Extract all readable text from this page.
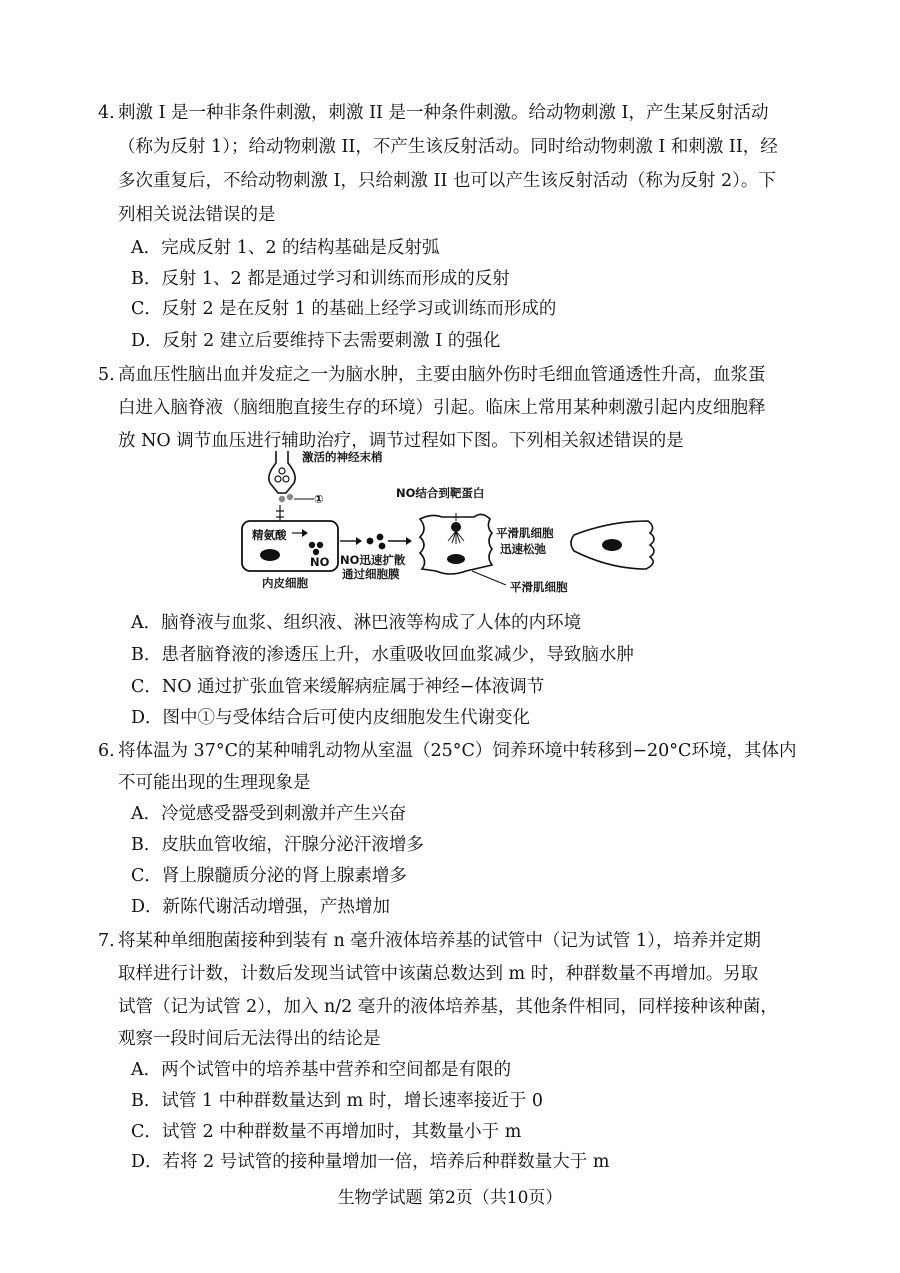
4. 刺激 I 是一种非条件刺激，刺激 II 是一种条件刺激。给动物刺激 I，产生某反射活动
（称为反射 1）；给动物刺激 II，不产生该反射活动。同时给动物刺激 I 和刺激 II，经
多次重复后，不给动物刺激 I，只给刺激 II 也可以产生该反射活动（称为反射 2）。下
列相关说法错误的是
A．完成反射 1、2 的结构基础是反射弧
B．反射 1、2 都是通过学习和训练而形成的反射
C．反射 2 是在反射 1 的基础上经学习或训练而形成的
D．反射 2 建立后要维持下去需要刺激 I 的强化
5. 高血压性脑出血并发症之一为脑水肿，主要由脑外伤时毛细血管通透性升高，血浆蛋
白进入脑脊液（脑细胞直接生存的环境）引起。临床上常用某种刺激引起内皮细胞释
放 NO 调节血压进行辅助治疗，调节过程如下图。下列相关叙述错误的是
激活的神经末梢
①
精氨酸
NO
内皮细胞
NO迅速扩散
通过细胞膜
NO结合到靶蛋白
平滑肌细胞
迅速松弛
平滑肌细胞
A．脑脊液与血浆、组织液、淋巴液等构成了人体的内环境
B．患者脑脊液的渗透压上升，水重吸收回血浆减少，导致脑水肿
C．NO 通过扩张血管来缓解病症属于神经−体液调节
D．图中①与受体结合后可使内皮细胞发生代谢变化
6. 将体温为 37°C的某种哺乳动物从室温（25°C）饲养环境中转移到−20°C环境，其体内
不可能出现的生理现象是
A．冷觉感受器受到刺激并产生兴奋
B．皮肤血管收缩，汗腺分泌汗液增多
C．肾上腺髓质分泌的肾上腺素增多
D．新陈代谢活动增强，产热增加
7. 将某种单细胞菌接种到装有 n 毫升液体培养基的试管中（记为试管 1），培养并定期
取样进行计数，计数后发现当试管中该菌总数达到 m 时，种群数量不再增加。另取
试管（记为试管 2），加入 n/2 毫升的液体培养基，其他条件相同，同样接种该种菌，
观察一段时间后无法得出的结论是
A．两个试管中的培养基中营养和空间都是有限的
B．试管 1 中种群数量达到 m 时，增长速率接近于 0
C．试管 2 中种群数量不再增加时，其数量小于 m
D．若将 2 号试管的接种量增加一倍，培养后种群数量大于 m
生物学试题 第2页（共10页）
